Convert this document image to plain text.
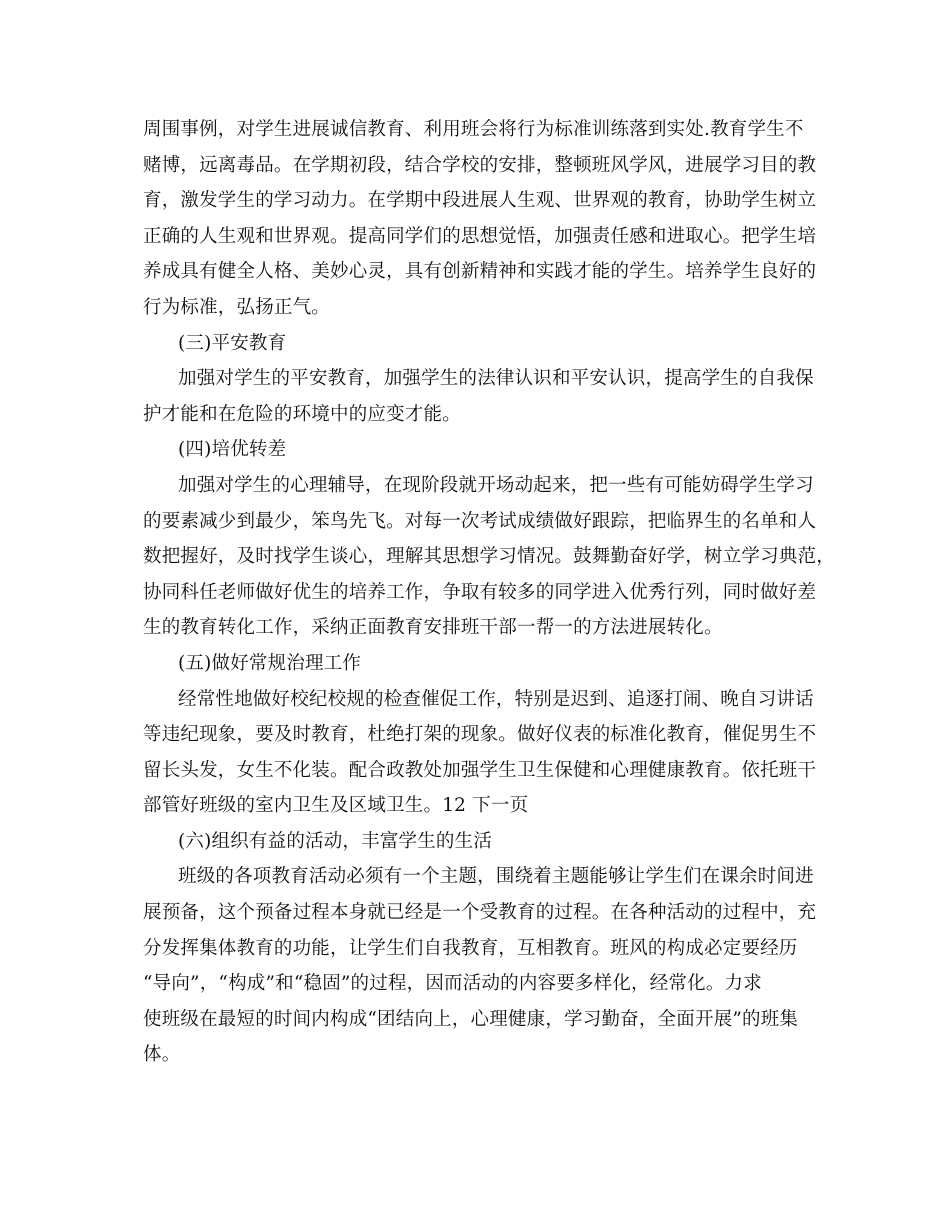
周围事例，对学生进展诚信教育、利用班会将行为标准训练落到实处.教育学生不
赌博，远离毒品。在学期初段，结合学校的安排，整顿班风学风，进展学习目的教
育，激发学生的学习动力。在学期中段进展人生观、世界观的教育，协助学生树立
正确的人生观和世界观。提高同学们的思想觉悟，加强责任感和进取心。把学生培
养成具有健全人格、美妙心灵，具有创新精神和实践才能的学生。培养学生良好的
行为标准，弘扬正气。
(三)平安教育
加强对学生的平安教育，加强学生的法律认识和平安认识，提高学生的自我保
护才能和在危险的环境中的应变才能。
(四)培优转差
加强对学生的心理辅导，在现阶段就开场动起来，把一些有可能妨碍学生学习
的要素减少到最少，笨鸟先飞。对每一次考试成绩做好跟踪，把临界生的名单和人
数把握好，及时找学生谈心，理解其思想学习情况。鼓舞勤奋好学，树立学习典范，
协同科任老师做好优生的培养工作，争取有较多的同学进入优秀行列，同时做好差
生的教育转化工作，采纳正面教育安排班干部一帮一的方法进展转化。
(五)做好常规治理工作
经常性地做好校纪校规的检查催促工作，特别是迟到、追逐打闹、晚自习讲话
等违纪现象，要及时教育，杜绝打架的现象。做好仪表的标准化教育，催促男生不
留长头发，女生不化装。配合政教处加强学生卫生保健和心理健康教育。依托班干
部管好班级的室内卫生及区域卫生。12 下一页
(六)组织有益的活动，丰富学生的生活
班级的各项教育活动必须有一个主题，围绕着主题能够让学生们在课余时间进
展预备，这个预备过程本身就已经是一个受教育的过程。在各种活动的过程中，充
分发挥集体教育的功能，让学生们自我教育，互相教育。班风的构成必定要经历
“导向”，“构成”和“稳固”的过程，因而活动的内容要多样化，经常化。力求
使班级在最短的时间内构成“团结向上，心理健康，学习勤奋，全面开展”的班集
体。
